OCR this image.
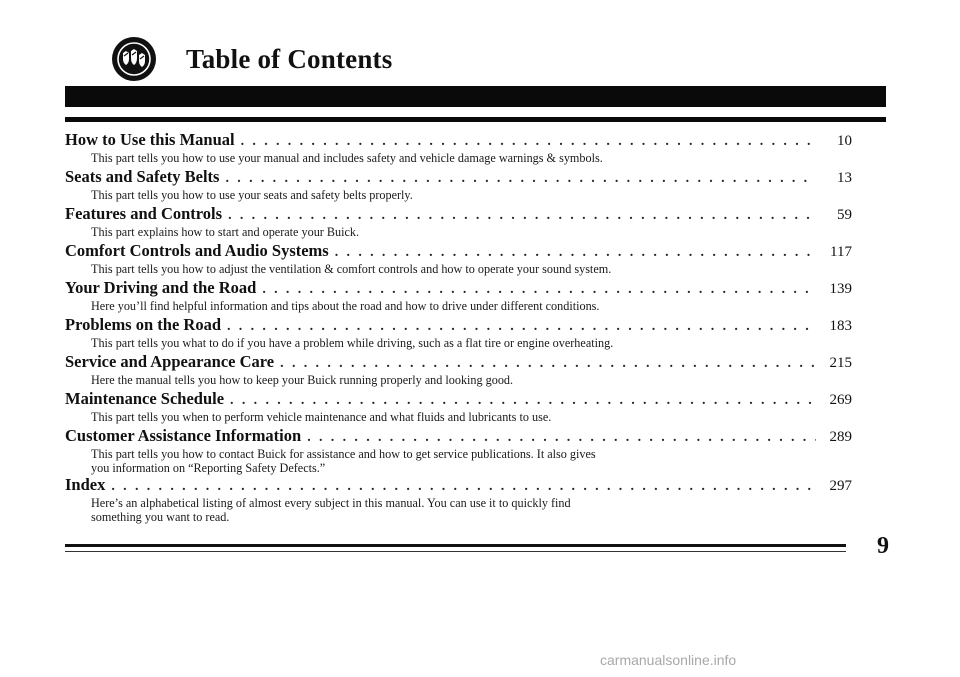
Table of Contents
How to Use this Manual . . .	10
This part tells you how to use your manual and includes safety and vehicle damage warnings & symbols.
Seats and Safety Belts . . .	13
This part tells you how to use your seats and safety belts properly.
Features and Controls . . .	59
This part explains how to start and operate your Buick.
Comfort Controls and Audio Systems . . .	117
This part tells you how to adjust the ventilation & comfort controls and how to operate your sound system.
Your Driving and the Road . . .	139
Here you’ll find helpful information and tips about the road and how to drive under different conditions.
Problems on the Road . . .	183
This part tells you what to do if you have a problem while driving, such as a flat tire or engine overheating.
Service and Appearance Care . . .	215
Here the manual tells you how to keep your Buick running properly and looking good.
Maintenance Schedule . . .	269
This part tells you when to perform vehicle maintenance and what fluids and lubricants to use.
Customer Assistance Information . . .	289
This part tells you how to contact Buick for assistance and how to get service publications. It also gives
you information on “Reporting Safety Defects.”
Index . . .	297
Here’s an alphabetical listing of almost every subject in this manual. You can use it to quickly find
something you want to read.
9
carmanualsonline.info
